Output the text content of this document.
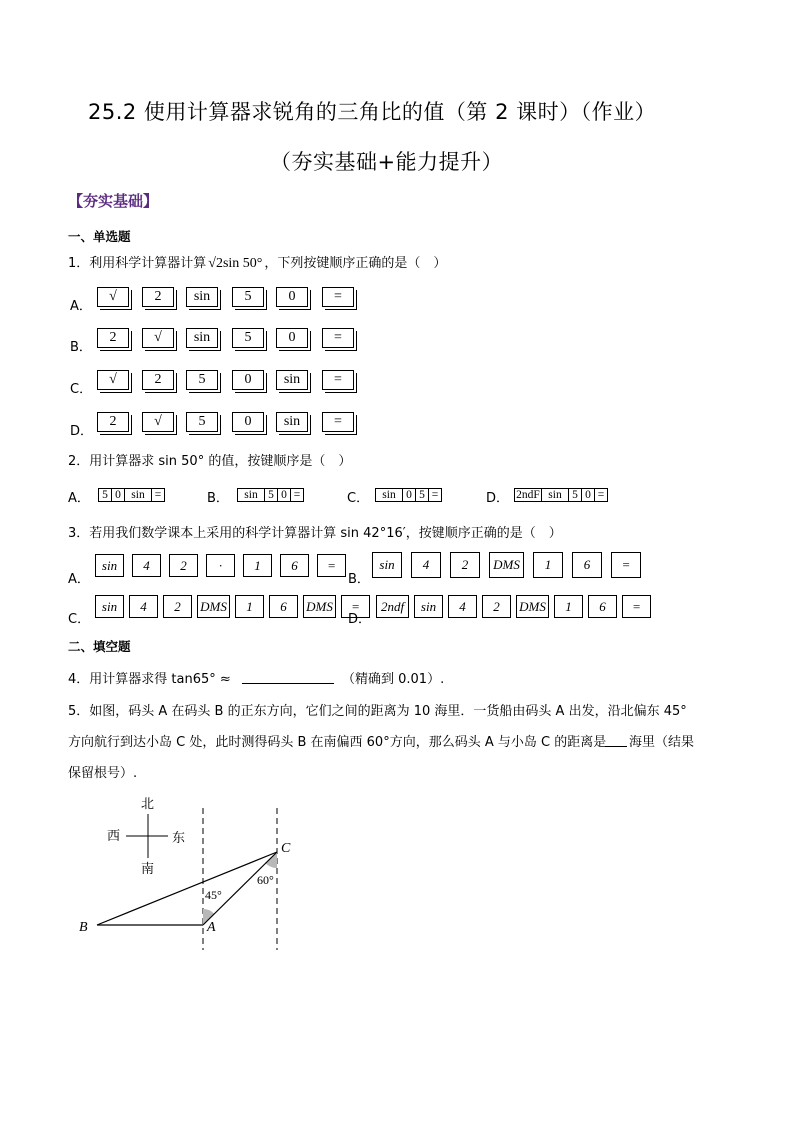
25.2 使用计算器求锐角的三角比的值（第 2 课时）（作业）
（夯实基础+能力提升）
【夯实基础】
一、单选题
1．利用科学计算器计算 √2sin 50° ，下列按键顺序正确的是（　）
A．
√	2	sin	5	0	=
B．
2	√	sin	5	0	=
C．
√	2	5	0	sin	=
D．
2	√	5	0	sin	=
2．用计算器求 sin 50° 的值，按键顺序是（　）
A．	5 0 sin =	B．	sin 5 0 =	C．	sin 0 5 =	D． 2ndF sin 5 0 =
3．若用我们数学课本上采用的科学计算器计算 sin 42°16′，按键顺序正确的是（　）
A．
sin	4	2	·	1	6	=
B．
sin	4	2	DMS	1	6	=
C．
sin	4	2	DMS	1	6	DMS	=
D．
2ndf	sin	4	2	DMS	1	6	=
二、填空题
4．用计算器求得 tan65° ≈	（精确到 0.01）.
5．如图，码头 A 在码头 B 的正东方向，它们之间的距离为 10 海里．一货船由码头 A 出发，沿北偏东 45°
方向航行到达小岛 C 处，此时测得码头 B 在南偏西 60°方向，那么码头 A 与小岛 C 的距离是 海里（结果
保留根号）.
北
南
西	东
B	A
C
45°
60°
